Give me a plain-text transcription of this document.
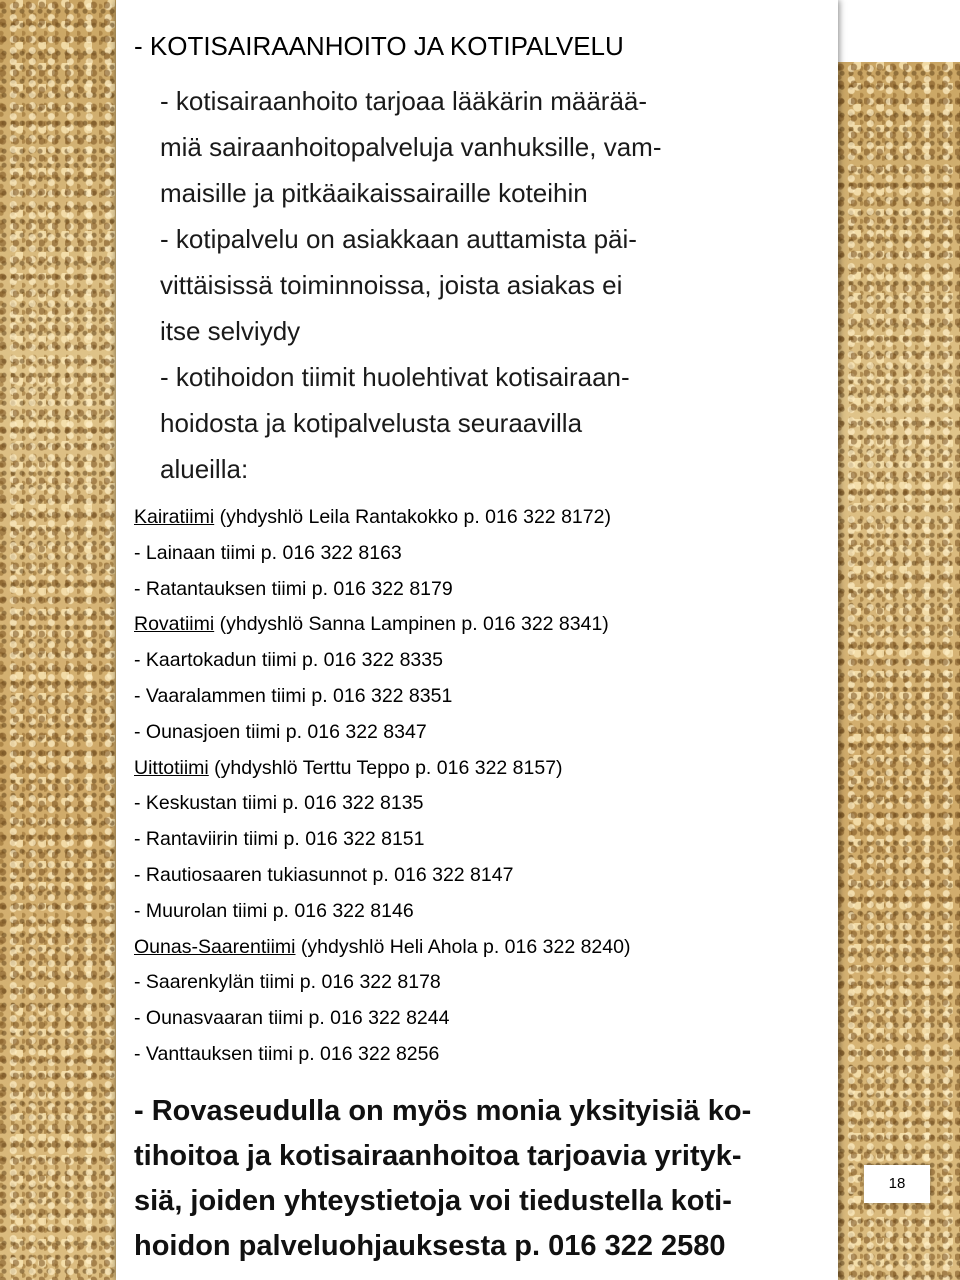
- KOTISAIRAANHOITO JA KOTIPALVELU
- kotisairaanhoito tarjoaa lääkärin määrää-
miä sairaanhoitopalveluja vanhuksille, vam-
maisille ja pitkäaikaissairaille koteihin
- kotipalvelu on asiakkaan auttamista päi-
vittäisissä toiminnoissa, joista asiakas ei
itse selviydy
- kotihoidon tiimit huolehtivat kotisairaan-
hoidosta ja kotipalvelusta seuraavilla
alueilla:
Kairatiimi (yhdyshlö Leila Rantakokko p. 016 322 8172)
- Lainaan tiimi p. 016 322 8163
- Ratantauksen tiimi p. 016 322 8179
Rovatiimi (yhdyshlö Sanna Lampinen p. 016 322 8341)
- Kaartokadun tiimi p. 016 322 8335
- Vaaralammen tiimi p. 016 322 8351
- Ounasjoen tiimi p. 016 322 8347
Uittotiimi (yhdyshlö Terttu Teppo p. 016 322 8157)
- Keskustan tiimi p. 016 322 8135
- Rantaviirin tiimi p. 016 322 8151
- Rautiosaaren tukiasunnot p. 016 322 8147
- Muurolan tiimi p. 016 322 8146
Ounas-Saarentiimi (yhdyshlö Heli Ahola p. 016 322 8240)
- Saarenkylän tiimi p. 016 322 8178
- Ounasvaaran tiimi p. 016 322 8244
- Vanttauksen tiimi p. 016 322 8256
- Rovaseudulla on myös monia yksityisiä ko-
tihoitoa ja kotisairaanhoitoa tarjoavia yrityk-
siä, joiden yhteystietoja voi tiedustella koti-
hoidon palveluohjauksesta p. 016 322 2580
18
